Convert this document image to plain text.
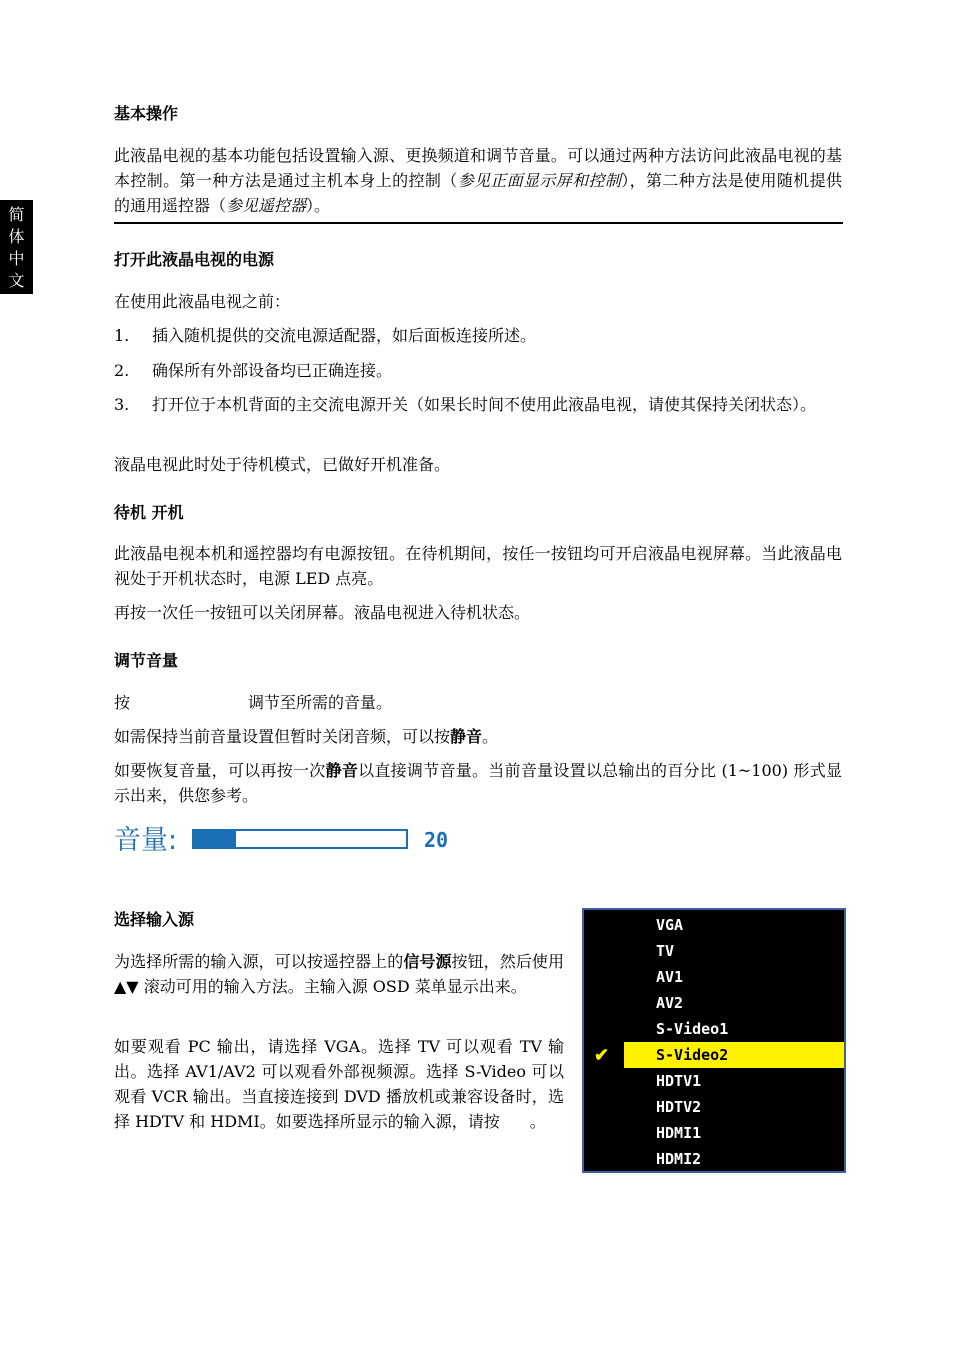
简
体
中
文
基本操作
此液晶电视的基本功能包括设置输入源、更换频道和调节音量。可以通过两种方法访问此液晶电视的基本控制。第一种方法是通过主机本身上的控制（参见正面显示屏和控制），第二种方法是使用随机提供的通用遥控器（参见遥控器）。
打开此液晶电视的电源
在使用此液晶电视之前：
1. 插入随机提供的交流电源适配器，如后面板连接所述。
2. 确保所有外部设备均已正确连接。
3. 打开位于本机背面的主交流电源开关（如果长时间不使用此液晶电视，请使其保持关闭状态）。
液晶电视此时处于待机模式，已做好开机准备。
待机 开机
此液晶电视本机和遥控器均有电源按钮。在待机期间，按任一按钮均可开启液晶电视屏幕。当此液晶电视处于开机状态时，电源 LED 点亮。
再按一次任一按钮可以关闭屏幕。液晶电视进入待机状态。
调节音量
按	调节至所需的音量。
如需保持当前音量设置但暂时关闭音频，可以按静音。
如要恢复音量，可以再按一次静音以直接调节音量。当前音量设置以总输出的百分比 (1~100) 形式显示出来，供您参考。
音量:	20
选择输入源
为选择所需的输入源，可以按遥控器上的信号源按钮，然后使用 ▲▼ 滚动可用的输入方法。主输入源 OSD 菜单显示出来。
如要观看 PC 输出，请选择 VGA。选择 TV 可以观看 TV 输出。选择 AV1/AV2 可以观看外部视频源。选择 S-Video 可以观看 VCR 输出。当直接连接到 DVD 播放机或兼容设备时，选择 HDTV 和 HDMI。如要选择所显示的输入源，请按 。
✔
VGA
TV
AV1
AV2
S-Video1
S-Video2
HDTV1
HDTV2
HDMI1
HDMI2
